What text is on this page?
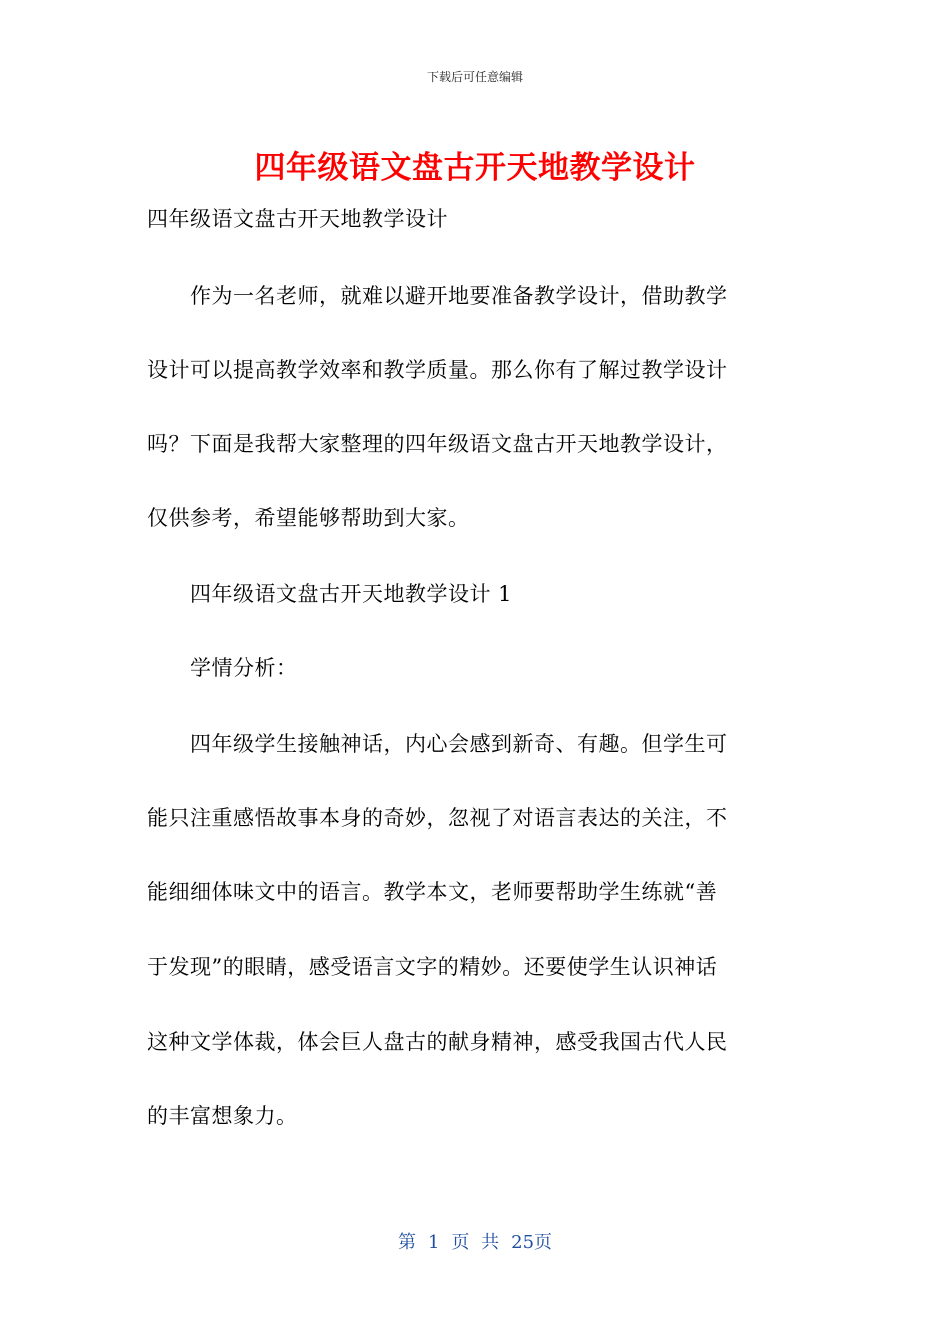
下载后可任意编辑
四年级语文盘古开天地教学设计
四年级语文盘古开天地教学设计
　　作为一名老师，就难以避开地要准备教学设计，借助教学
设计可以提高教学效率和教学质量。那么你有了解过教学设计
吗？下面是我帮大家整理的四年级语文盘古开天地教学设计，
仅供参考，希望能够帮助到大家。
　　四年级语文盘古开天地教学设计 1
　　学情分析：
　　四年级学生接触神话，内心会感到新奇、有趣。但学生可
能只注重感悟故事本身的奇妙，忽视了对语言表达的关注，不
能细细体味文中的语言。教学本文，老师要帮助学生练就“善
于发现”的眼睛，感受语言文字的精妙。还要使学生认识神话
这种文学体裁，体会巨人盘古的献身精神，感受我国古代人民
的丰富想象力。
第 1 页 共 25页
